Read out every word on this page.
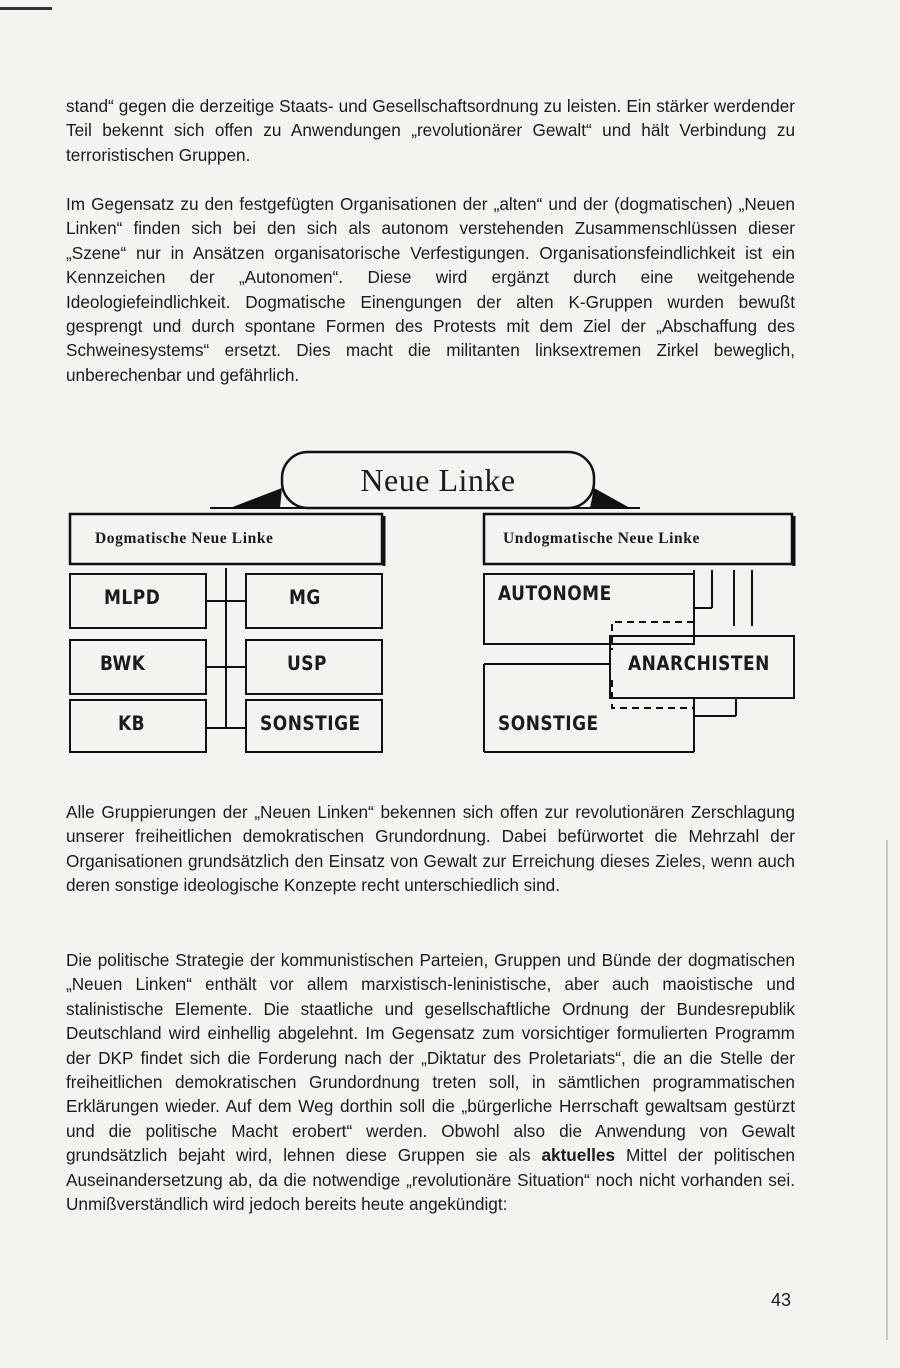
stand“ gegen die derzeitige Staats- und Gesellschaftsordnung zu leisten. Ein stärker werdender Teil bekennt sich offen zu Anwendungen „revolutionärer Gewalt“ und hält Verbindung zu terroristischen Gruppen.

Im Gegensatz zu den festgefügten Organisationen der „alten“ und der (dogmatischen) „Neuen Linken“ finden sich bei den sich als autonom verstehenden Zusammenschlüssen dieser „Szene“ nur in Ansätzen organisatorische Verfestigungen. Organisationsfeindlichkeit ist ein Kennzeichen der „Autonomen“. Diese wird ergänzt durch eine weitgehende Ideologiefeindlichkeit. Dogmatische Einengungen der alten K-Gruppen wurden bewußt gesprengt und durch spontane Formen des Protests mit dem Ziel der „Abschaffung des Schweinesystems“ ersetzt. Dies macht die militanten linksextremen Zirkel beweglich, unberechenbar und gefährlich.

Neue Linke
Dogmatische Neue Linke	Undogmatische Neue Linke
MLPD
BWK
KB
MG
USP
SONSTIGE
AUTONOME
ANARCHISTEN
SONSTIGE

Alle Gruppierungen der „Neuen Linken“ bekennen sich offen zur revolutionären Zerschlagung unserer freiheitlichen demokratischen Grundordnung. Dabei befürwortet die Mehrzahl der Organisationen grundsätzlich den Einsatz von Gewalt zur Erreichung dieses Zieles, wenn auch deren sonstige ideologische Konzepte recht unterschiedlich sind.

Die politische Strategie der kommunistischen Parteien, Gruppen und Bünde der dogmatischen „Neuen Linken“ enthält vor allem marxistisch-leninistische, aber auch maoistische und stalinistische Elemente. Die staatliche und gesellschaftliche Ordnung der Bundesrepublik Deutschland wird einhellig abgelehnt. Im Gegensatz zum vorsichtiger formulierten Programm der DKP findet sich die Forderung nach der „Diktatur des Proletariats“, die an die Stelle der freiheitlichen demokratischen Grundordnung treten soll, in sämtlichen programmatischen Erklärungen wieder. Auf dem Weg dorthin soll die „bürgerliche Herrschaft gewaltsam gestürzt und die politische Macht erobert“ werden. Obwohl also die Anwendung von Gewalt grundsätzlich bejaht wird, lehnen diese Gruppen sie als aktuelles Mittel der politischen Auseinandersetzung ab, da die notwendige „revolutionäre Situation“ noch nicht vorhanden sei. Unmißverständlich wird jedoch bereits heute angekündigt:

43
